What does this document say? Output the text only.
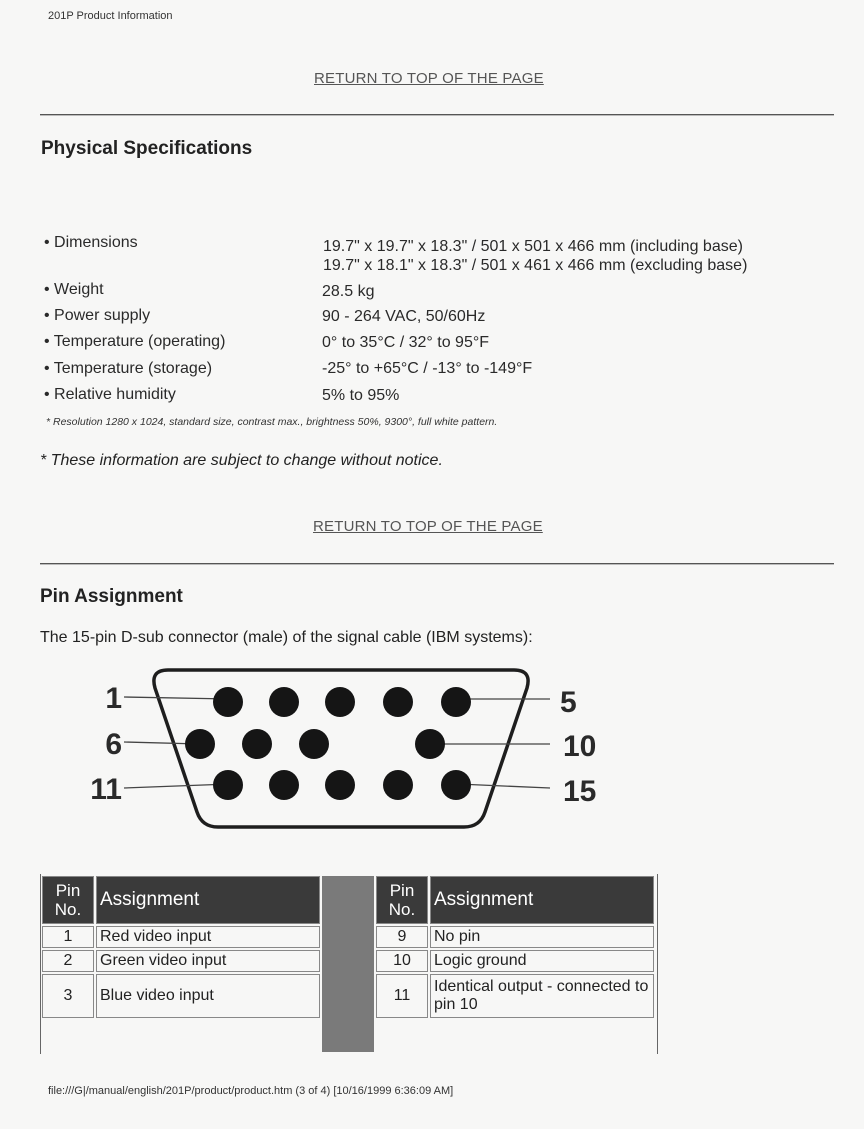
201P Product Information
RETURN TO TOP OF THE PAGE
Physical Specifications
• Dimensions	19.7" x 19.7" x 18.3" / 501 x 501 x 466 mm (including base)
19.7" x 18.1" x 18.3" / 501 x 461 x 466 mm (excluding base)
• Weight	28.5 kg
• Power supply	90 - 264 VAC, 50/60Hz
• Temperature (operating)	0° to 35°C / 32° to 95°F
• Temperature (storage)	-25° to +65°C / -13° to -149°F
• Relative humidity	5% to 95%
* Resolution 1280 x 1024, standard size, contrast max., brightness 50%, 9300°, full white pattern.
* These information are subject to change without notice.
RETURN TO TOP OF THE PAGE
Pin Assignment
The 15-pin D-sub connector (male) of the signal cable (IBM systems):
1
6
11
5
10
15
Pin
No.	Assignment
1	Red video input
2	Green video input
3	Blue video input
Pin
No.	Assignment
9	No pin
10	Logic ground
11	Identical output - connected to pin 10
file:///G|/manual/english/201P/product/product.htm (3 of 4) [10/16/1999 6:36:09 AM]
